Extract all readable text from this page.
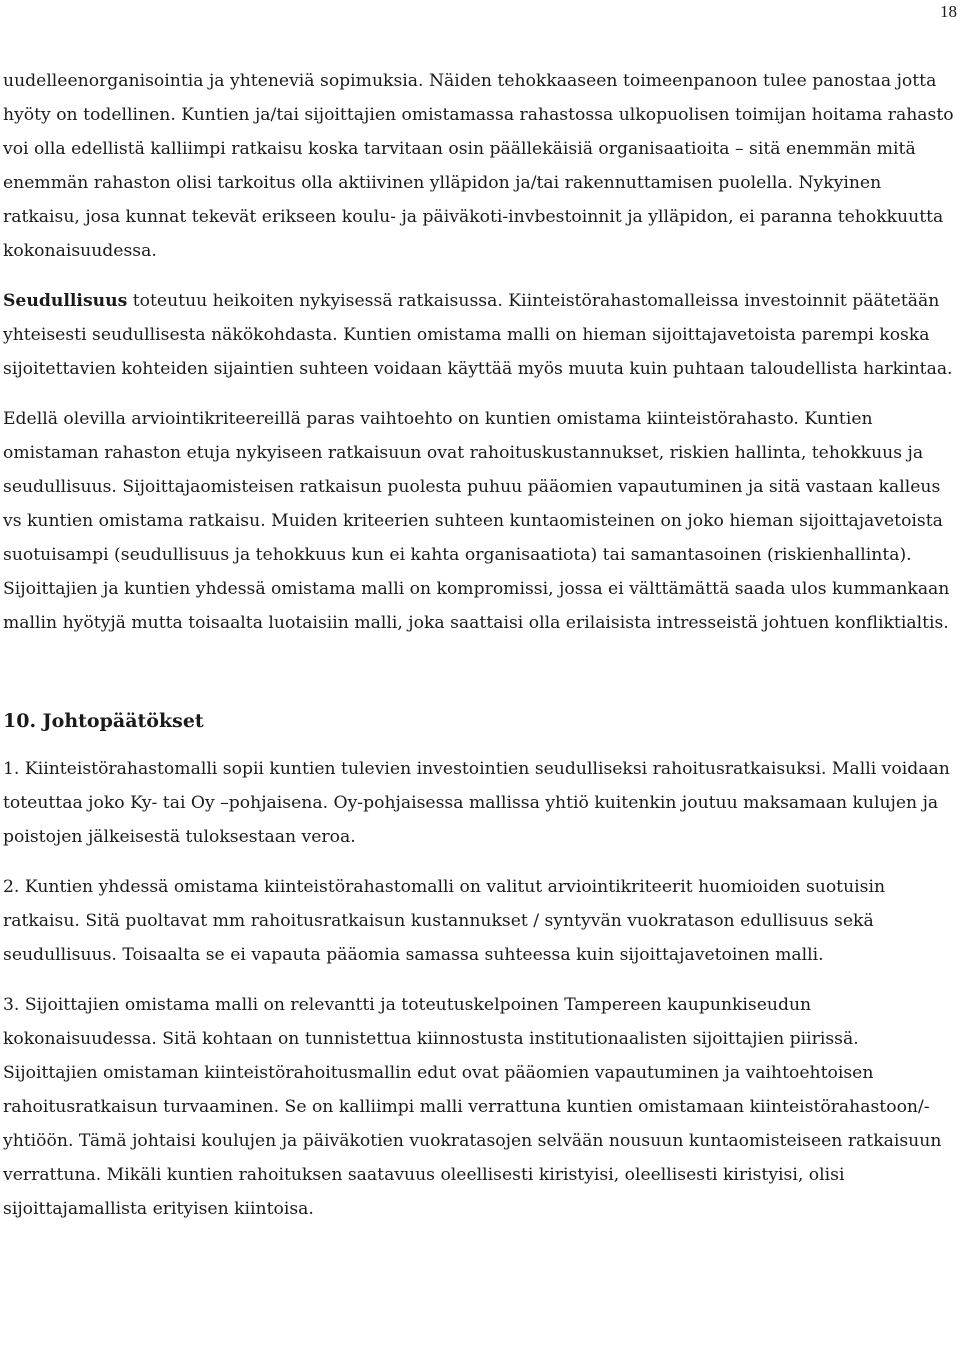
18

uudelleenorganisointia ja yhteneviä sopimuksia. Näiden tehokkaaseen toimeenpanoon tulee panostaa jotta hyöty on todellinen. Kuntien ja/tai sijoittajien omistamassa rahastossa ulkopuolisen toimijan hoitama rahasto voi olla edellistä kalliimpi ratkaisu koska tarvitaan osin päällekäisiä organisaatioita – sitä enemmän mitä enemmän rahaston olisi tarkoitus olla aktiivinen ylläpidon ja/tai rakennuttamisen puolella. Nykyinen ratkaisu, josa kunnat tekevät erikseen koulu- ja päiväkoti-invbestoinnit ja ylläpidon, ei paranna tehokkuutta kokonaisuudessa.

Seudullisuus toteutuu heikoiten nykyisessä ratkaisussa. Kiinteistörahastomalleissa investoinnit päätetään yhteisesti seudullisesta näkökohdasta. Kuntien omistama malli on hieman sijoittajavetoista parempi koska sijoitettavien kohteiden sijaintien suhteen voidaan käyttää myös muuta kuin puhtaan taloudellista harkintaa.

Edellä olevilla arviointikriteereillä paras vaihtoehto on kuntien omistama kiinteistörahasto. Kuntien omistaman rahaston etuja nykyiseen ratkaisuun ovat rahoituskustannukset, riskien hallinta, tehokkuus ja seudullisuus. Sijoittajaomisteisen ratkaisun puolesta puhuu pääomien vapautuminen ja sitä vastaan kalleus vs kuntien omistama ratkaisu. Muiden kriteerien suhteen kuntaomisteinen on joko hieman sijoittajavetoista suotuisampi (seudullisuus ja tehokkuus kun ei kahta organisaatiota) tai samantasoinen (riskienhallinta). Sijoittajien ja kuntien yhdessä omistama malli on kompromissi, jossa ei välttämättä saada ulos kummankaan mallin hyötyjä mutta toisaalta luotaisiin malli, joka saattaisi olla erilaisista intresseistä johtuen konfliktialtis.

10. Johtopäätökset

1. Kiinteistörahastomalli sopii kuntien tulevien investointien seudulliseksi rahoitusratkaisuksi. Malli voidaan toteuttaa joko Ky- tai Oy –pohjaisena. Oy-pohjaisessa mallissa yhtiö kuitenkin joutuu maksamaan kulujen ja poistojen jälkeisestä tuloksestaan veroa.

2. Kuntien yhdessä omistama kiinteistörahastomalli on valitut arviointikriteerit huomioiden suotuisin ratkaisu. Sitä puoltavat mm rahoitusratkaisun kustannukset / syntyvän vuokratason edullisuus sekä seudullisuus. Toisaalta se ei vapauta pääomia samassa suhteessa kuin sijoittajavetoinen malli.

3. Sijoittajien omistama malli on relevantti ja toteutuskelpoinen Tampereen kaupunkiseudun kokonaisuudessa. Sitä kohtaan on tunnistettua kiinnostusta institutionaalisten sijoittajien piirissä. Sijoittajien omistaman kiinteistörahoitusmallin edut ovat pääomien vapautuminen ja vaihtoehtoisen rahoitusratkaisun turvaaminen. Se on kalliimpi malli verrattuna kuntien omistamaan kiinteistörahastoon/-yhtiöön. Tämä johtaisi koulujen ja päiväkotien vuokratasojen selvään nousuun kuntaomisteiseen ratkaisuun verrattuna. Mikäli kuntien rahoituksen saatavuus oleellisesti kiristyisi, oleellisesti kiristyisi, olisi sijoittajamallista erityisen kiintoisa.
